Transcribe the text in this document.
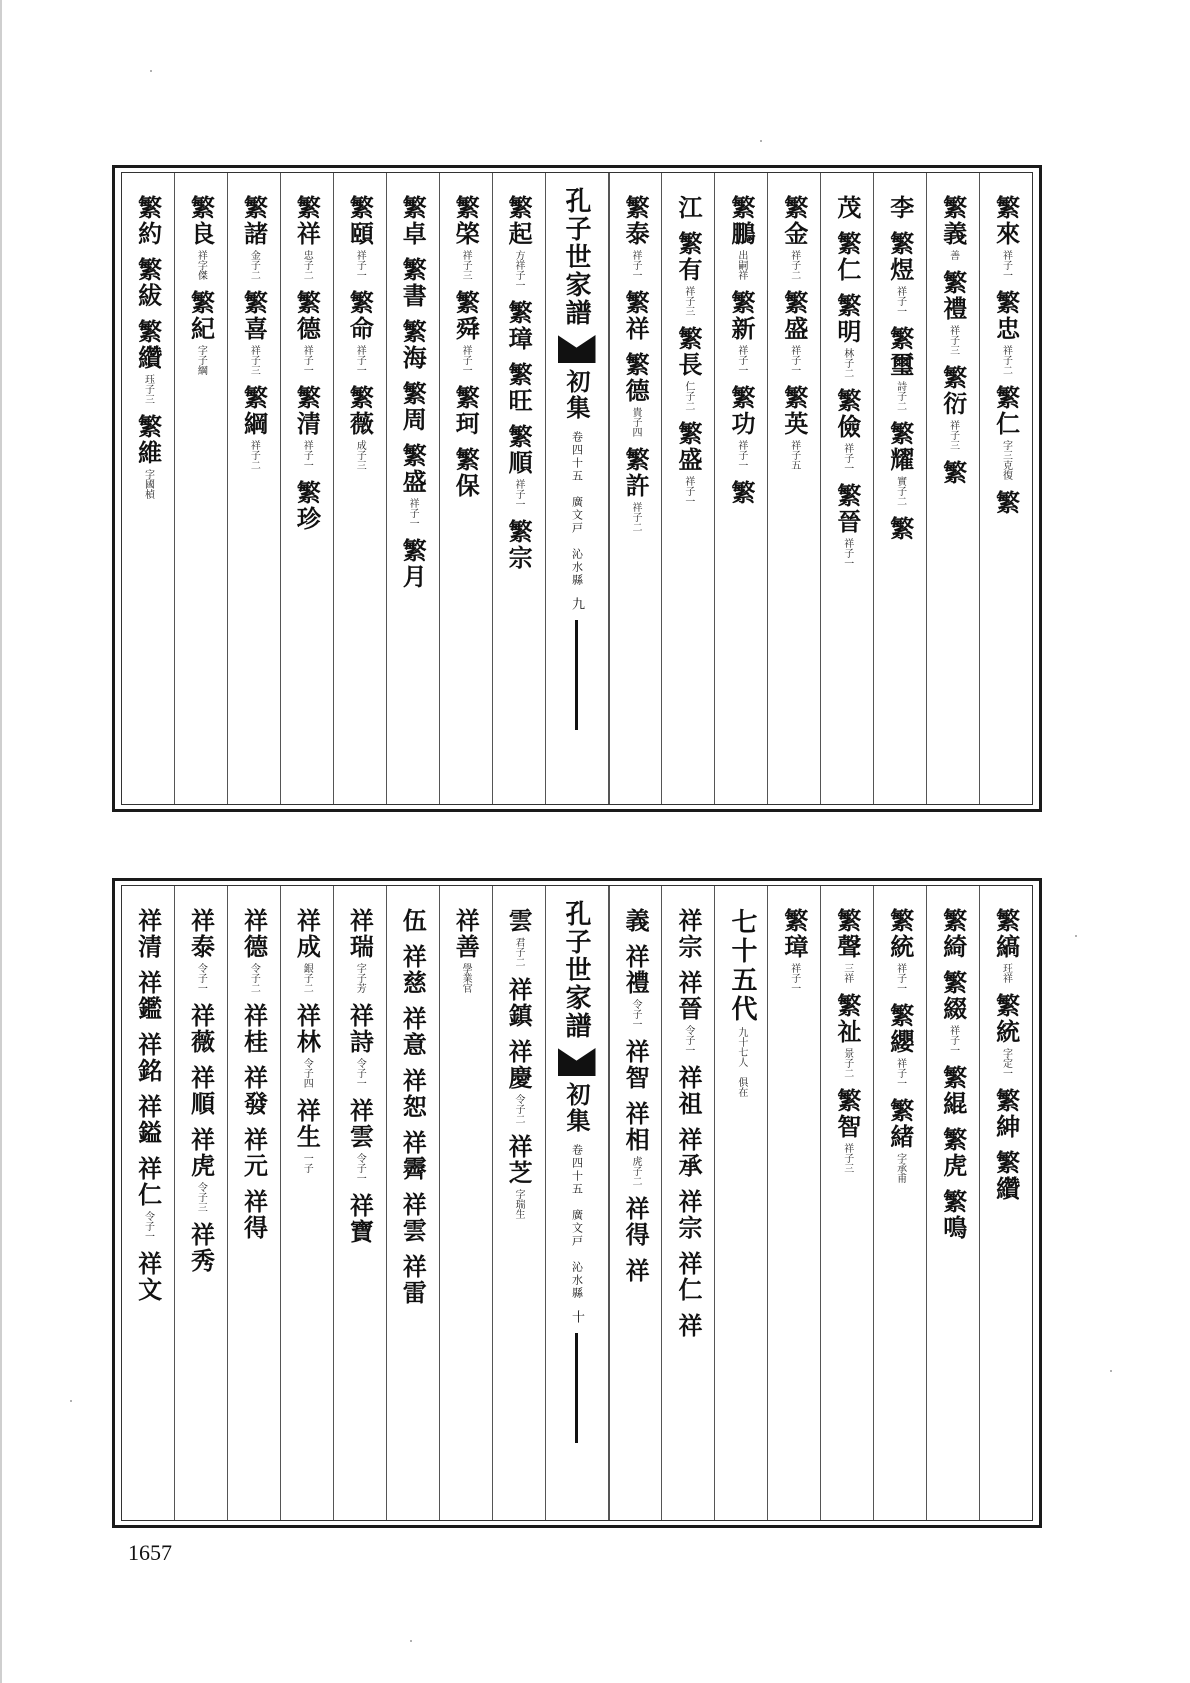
繁來
祥子一
繁忠
祥子二
繁仁
字三克復
繁
繁義
善
繁禮
祥子三
繁衍
祥子三
繁
李
繁煜
祥子一
繁璽
詩子二
繁耀
實子二
繁
茂
繁仁
繁明
林子二
繁儉
祥子一
繁晉
祥子一
繁金
祥子二
繁盛
祥子一
繁英
祥子五
繁鵬
出嗣祥
繁新
祥子一
繁功
祥子一
繁
江
繁有
祥子三
繁長
仁子二
繁盛
祥子一
繁泰
祥子一
繁祥
繁德
貴子四
繁許
祥子二
孔子世家譜
初集
卷四十五　廣文戸　沁水縣
九
繁起
方祥子一
繁璋
繁旺
繁順
祥子一
繁宗
繁棨
祥子三
繁舜
祥子一
繁珂
繁保
繁卓
繁書
繁海
繁周
繁盛
祥子一
繁月
繁頤
祥子一
繁命
祥子一
繁薇
成子三
繁祥
忠子二
繁德
祥子一
繁清
祥子一
繁珍
繁諸
金子二
繁喜
祥子三
繁綱
祥子二
繁良
祥字傑
繁紀
字子綱
繁約
繁紱
繁纘
珏子三
繁維
字國楨
繁縞
玨祥
繁統
字定一
繁紳
繁纘
繁綺
繁綴
祥子一
繁緄
繁虎
繁鳴
繁統
祥子一
繁纓
祥子一
繁緒
字承甫
繁聲
三祥
繁祉
景子二
繁智
祥子三
繁璋
祥子一
七十五代
九十七人　俱在
祥宗
祥晉
令子一
祥祖
祥承
祥宗
祥仁
祥
義
祥禮
令子一
祥智
祥相
虎子二
祥得
祥
孔子世家譜
初集
卷四十五　廣文戸　沁水縣
十
雲
君子二
祥鎮
祥慶
令子二
祥芝
字瑞生
祥善
學業官
伍
祥慈
祥意
祥恕
祥霽
祥雲
祥雷
祥瑞
字子芳
祥詩
令子一
祥雲
令子一
祥寶
祥成
銀子二
祥林
令子四
祥生
一子
祥德
令子二
祥桂
祥發
祥元
祥得
祥泰
令子一
祥薇
祥順
祥虎
令子三
祥秀
祥清
祥鑑
祥銘
祥鎰
祥仁
令子一
祥文
1657
